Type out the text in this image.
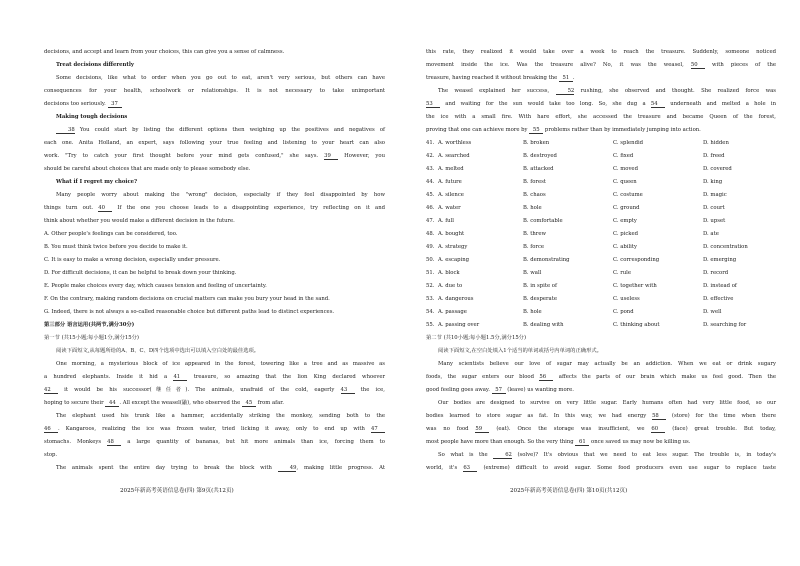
decisions, and accept and learn from your choices, this can give you a sense of calmness.
Treat decisions differently
Some decisions, like what to order when you go out to eat, aren't very serious, but others can have
consequences for your health, schoolwork or relationships. It is not necessary to take unimportant
decisions too seriously. 37
Making tough decisions
38 You could start by listing the different options then weighing up the positives and negatives of
each one. Anita Holland, an expert, says following your true feeling and listening to your heart can also
work. "Try to catch your first thought before your mind gets confused," she says. 39 However, you
should be careful about choices that are made only to please somebody else.
What if I regret my choice?
Many people worry about making the "wrong" decision, especially if they feel disappointed by how
things turn out. 40 If the one you choose leads to a disappointing experience, try reflecting on it and
think about whether you would make a different decision in the future.
A. Other people's feelings can be considered, too.
B. You must think twice before you decide to make it.
C. It is easy to make a wrong decision, especially under pressure.
D. For difficult decisions, it can be helpful to break down your thinking.
E. People make choices every day, which causes tension and feeling of uncertainty.
F. On the contrary, making random decisions on crucial matters can make you bury your head in the sand.
G. Indeed, there is not always a so-called reasonable choice but different paths lead to distinct experiences.
第三部分 语言运用(共两节,满分30分)
第一节 (共15小题;每小题1分,满分15分)
阅读下面短文,从每题所给的A、B、C、D四个选项中选出可以填入空白处的最佳选项。
One morning, a mysterious block of ice appeared in the forest, towering like a tree and as massive as
a hundred elephants. Inside it hid a 41 treasure, so amazing that the lion King declared whoever
42 it would be his successor(继任者). The animals, unafraid of the cold, eagerly 43 the ice,
hoping to secure their 44 . All except the weasel(鼬), who observed the 45 from afar.
The elephant used his trunk like a hammer, accidentally striking the monkey, sending both to the
46 . Kangaroos, realizing the ice was frozen water, tried licking it away, only to end up with 47
stomachs. Monkeys 48 a large quantity of bananas, but hit more animals than ice, forcing them to
stop.
The animals spent the entire day trying to break the block with 49, making little progress. At
2025年新高考英语信息卷(四) 第9页(共12页)
this rate, they realized it would take over a week to reach the treasure. Suddenly, someone noticed
movement inside the ice. Was the treasure alive? No, it was the weasel, 50 with pieces of the
treasure, having reached it without breaking the 51 .
The weasel explained her success, 52 rushing, she observed and thought. She realized force was
53 and waiting for the sun would take too long. So, she dug a 54 underneath and melted a hole in
the ice with a small fire. With hare effort, she accessed the treasure and became Queen of the forest,
proving that one can achieve more by 55 problems rather than by immediately jumping into action.
41. A. worthless	B. broken	C. splendid	D. hidden
42. A. searched	B. destroyed	C. fixed	D. freed
43. A. melted	B. attacked	C. moved	D. covered
44. A. future	B. forest	C. queen	D. king
45. A. silence	B. chaos	C. costume	D. magic
46. A. water	B. hole	C. ground	D. court
47. A. full	B. comfortable	C. empty	D. upset
48. A. bought	B. threw	C. picked	D. ate
49. A. strategy	B. force	C. ability	D. concentration
50. A. escaping	B. demonstrating	C. corresponding	D. emerging
51. A. block	B. wall	C. rule	D. record
52. A. due to	B. in spite of	C. together with	D. instead of
53. A. dangerous	B. desperate	C. useless	D. effective
54. A. passage	B. hole	C. pond	D. well
55. A. passing over	B. dealing with	C. thinking about	D. searching for
第二节 (共10小题;每小题1.5分,满分15分)
阅读下面短文,在空白处填入1个适当的单词或括号内单词的正确形式。
Many scientists believe our love of sugar may actually be an addiction. When we eat or drink sugary
foods, the sugar enters our blood 56 affects the parts of our brain which make us feel good. Then the
good feeling goes away. 57 (leave) us wanting more.
Our bodies are designed to survive on very little sugar. Early humans often had very little food, so our
bodies learned to store sugar as fat. In this way, we had energy 58 (store) for the time when there
was no food 59 (eat). Once the storage was insufficient, we 60 (face) great trouble. But today,
most people have more than enough. So the very thing 61 once saved us may now be killing us.
So what is the 62 (solve)? It's obvious that we need to eat less sugar. The trouble is, in today's
world, it's 63 (extreme) difficult to avoid sugar. Some food producers even use sugar to replace taste
2025年新高考英语信息卷(四) 第10页(共12页)
